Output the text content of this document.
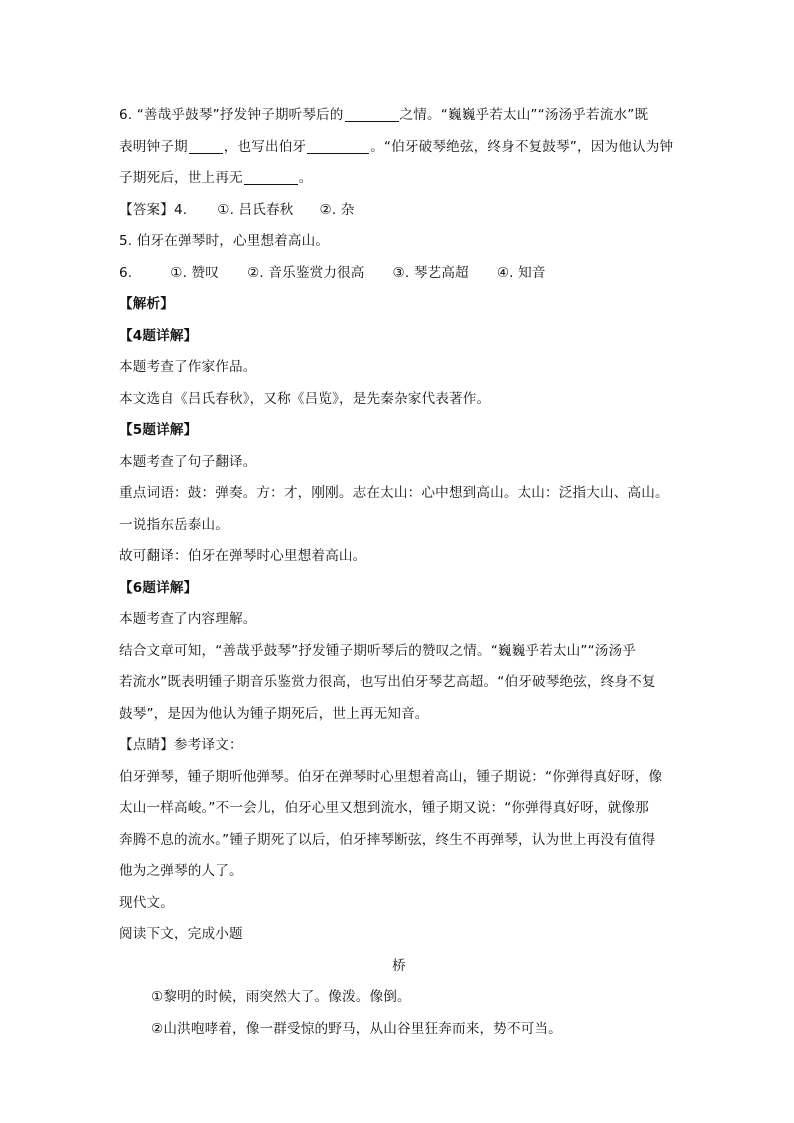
6. “善哉乎鼓琴”抒发钟子期听琴后的	之情。“巍巍乎若太山”“汤汤乎若流水”既
表明钟子期	，也写出伯牙	。“伯牙破琴绝弦，终身不复鼓琴”，因为他认为钟
子期死后，世上再无	。
【答案】4. ①. 吕氏春秋 ②. 杂
5. 伯牙在弹琴时，心里想着高山。
6.	①. 赞叹 ②. 音乐鉴赏力很高 ③. 琴艺高超 ④. 知音
【解析】
【4题详解】
本题考查了作家作品。
本文选自《吕氏春秋》，又称《吕览》，是先秦杂家代表著作。
【5题详解】
本题考查了句子翻译。
重点词语：鼓：弹奏。方：才，刚刚。志在太山：心中想到高山。太山：泛指大山、高山。
一说指东岳泰山。
故可翻译：伯牙在弹琴时心里想着高山。
【6题详解】
本题考查了内容理解。
结合文章可知，“善哉乎鼓琴”抒发锺子期听琴后的赞叹之情。“巍巍乎若太山”“汤汤乎
若流水”既表明锺子期音乐鉴赏力很高，也写出伯牙琴艺高超。“伯牙破琴绝弦，终身不复
鼓琴”，是因为他认为锺子期死后，世上再无知音。
【点睛】参考译文：
伯牙弹琴，锺子期听他弹琴。伯牙在弹琴时心里想着高山，锺子期说：“你弹得真好呀，像
太山一样高峻。”不一会儿，伯牙心里又想到流水，锺子期又说：“你弹得真好呀，就像那
奔腾不息的流水。”锺子期死了以后，伯牙摔琴断弦，终生不再弹琴，认为世上再没有值得
他为之弹琴的人了。
现代文。
阅读下文，完成小题
桥
①黎明的时候，雨突然大了。像泼。像倒。
②山洪咆哮着，像一群受惊的野马，从山谷里狂奔而来，势不可当。
